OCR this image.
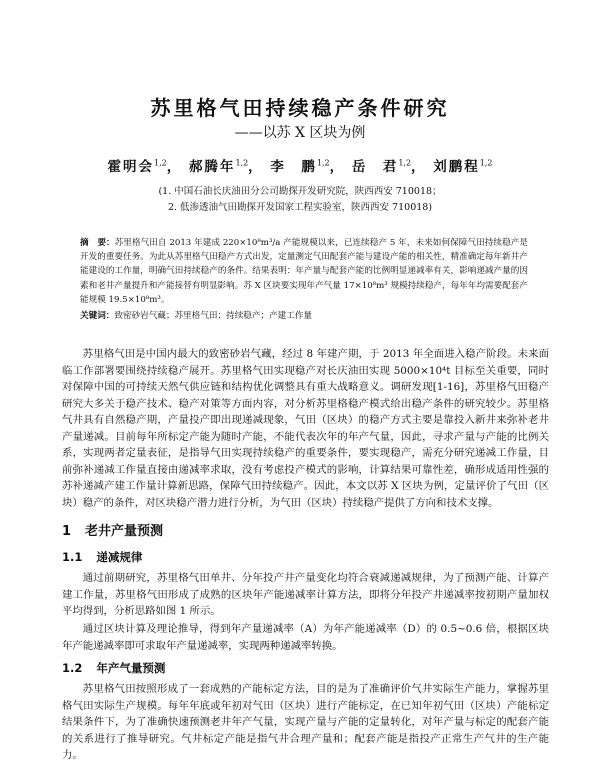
苏里格气田持续稳产条件研究
——以苏 X 区块为例
霍明会$^{1,2}$， 郝腾年$^{1,2}$， 李　鹏$^{1,2}$， 岳　君$^{1,2}$， 刘鹏程$^{1,2}$
(1. 中国石油长庆油田分公司勘探开发研究院，陕西西安 710018；
2. 低渗透油气田勘探开发国家工程实验室，陕西西安 710018)
摘　要：苏里格气田自 2013 年建成 220×10⁸m³/a 产能规模以来，已连续稳产 5 年，未来如何保障气田持续稳产是开发的重要任务。为此从苏里格气田稳产方式出发，定量测定气田配套产能与建设产能的相关性，精准确定每年新井产能建设的工作量，明确气田持续稳产的条件。结果表明：年产量与配套产能的比例明显递减率有关，影响递减产量的因素和老井产量提升和产能接替有明显影响。苏 X 区块要实现年产气量 17×10⁸m³ 规模持续稳产，每年年均需要配套产能规模 19.5×10⁸m³。
关键词：致密砂岩气藏；苏里格气田；持续稳产；产建工作量
苏里格气田是中国内最大的致密砂岩气藏，经过 8 年建产期，于 2013 年全面进入稳产阶段。未来面临工作部署要围绕持续稳产展开。苏里格气田实现稳产对长庆油田实现 5000×10⁴t 目标至关重要，同时对保障中国的可持续天然气供应链和结构优化调整具有重大战略意义。调研发现[1-16]，苏里格气田稳产研究大多关于稳产技术、稳产对策等方面内容，对分析苏里格稳产模式给出稳产条件的研究较少。苏里格气井具有自然稳产期，产量投产即出现递减现象，气田（区块）的稳产方式主要是靠投入新井来弥补老井产量递减。目前每年所标定产能为随时产能，不能代表次年的年产气量，因此，寻求产量与产能的比例关系，实现两者定量表征，是指导气田实现持续稳产的重要条件，要实现稳产，需充分研究递减工作量，目前弥补递减工作量直接由递减率求取，没有考虑投产模式的影响，计算结果可靠性差，确形成适用性强的苏补递减产建工作量计算新思路，保障气田持续稳产。因此，本文以苏 X 区块为例，定量评价了气田（区块）稳产的条件，对区块稳产潜力进行分析，为气田（区块）持续稳产提供了方向和技术支撑。
1 老井产量预测
1.1 递减规律
通过前期研究，苏里格气田单井、分年投产井产量变化均符合衰减递减规律，为了预测产能、计算产建工作量，苏里格气田形成了成熟的区块年产能递减率计算方法，即将分年投产井递减率按初期产量加权平均得到，分析思路如图 1 所示。
通过区块计算及理论推导，得到年产量递减率（A）为年产能递减率（D）的 0.5~0.6 倍，根据区块年产能递减率即可求取年产量递减率，实现两种递减率转换。
1.2 年产气量预测
苏里格气田按照形成了一套成熟的产能标定方法，目的是为了准确评价气井实际生产能力，掌握苏里格气田实际生产规模。每年年底或年初对气田（区块）进行产能标定，在已知年初气田（区块）产能标定结果条件下，为了准确快速预测老井年产气量，实现产量与产能的定量转化，对年产量与标定的配套产能的关系进行了推导研究。气井标定产能是指气井合理产量和；配套产能是指投产正常生产气井的生产能力。
